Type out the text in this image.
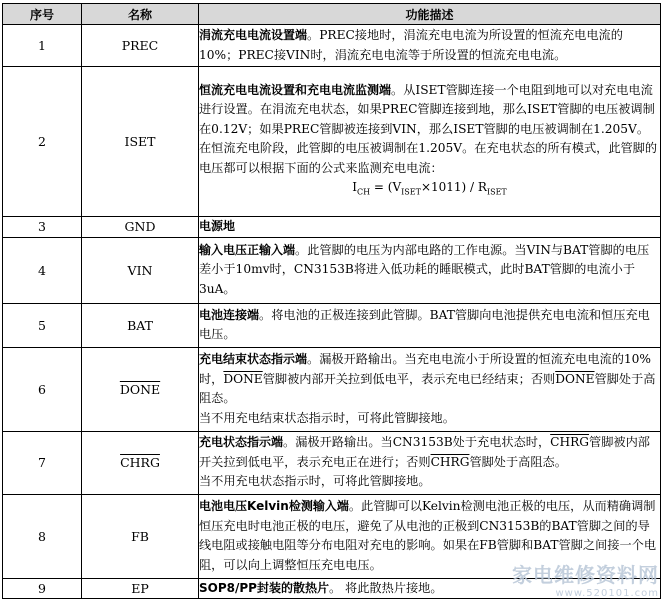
序号	名称	功能描述
1	PREC	涓流充电电流设置端。PREC接地时，涓流充电电流为所设置的恒流充电电流的10%；PREC接VIN时，涓流充电电流等于所设置的恒流充电电流。
2	ISET	恒流充电电流设置和充电电流监测端。从ISET管脚连接一个电阻到地可以对充电电流进行设置。在涓流充电状态，如果PREC管脚连接到地，那么ISET管脚的电压被调制在0.12V；如果PREC管脚被连接到VIN，那么ISET管脚的电压被调制在1.205V。在恒流充电阶段，此管脚的电压被调制在1.205V。在充电状态的所有模式，此管脚的电压都可以根据下面的公式来监测充电电流：
$I_{CH} = (V_{ISET}\times 1011) / R_{ISET}$

3	GND	电源地
4	VIN	输入电压正输入端。此管脚的电压为内部电路的工作电源。当VIN与BAT管脚的电压差小于10mv时，CN3153B将进入低功耗的睡眠模式，此时BAT管脚的电流小于3uA。
5	BAT	电池连接端。将电池的正极连接到此管脚。BAT管脚向电池提供充电电流和恒压充电电压。
6	DONE	充电结束状态指示端。漏极开路输出。当充电电流小于所设置的恒流充电电流的10%时，DONE管脚被内部开关拉到低电平，表示充电已经结束；否则DONE管脚处于高阻态。
当不用充电结束状态指示时，可将此管脚接地。
7	CHRG	充电状态指示端。漏极开路输出。当CN3153B处于充电状态时，CHRG管脚被内部开关拉到低电平，表示充电正在进行；否则CHRG管脚处于高阻态。
当不用充电状态指示时，可将此管脚接地。
8	FB	电池电压Kelvin检测输入端。此管脚可以Kelvin检测电池正极的电压，从而精确调制恒压充电时电池正极的电压，避免了从电池的正极到CN3153B的BAT管脚之间的导线电阻或接触电阻等分布电阻对充电的影响。如果在FB管脚和BAT管脚之间接一个电阻，可以向上调整恒压充电电压。
9	EP	SOP8/PP封装的散热片。 将此散热片接地。
家电维修资料网
www.520101.com
